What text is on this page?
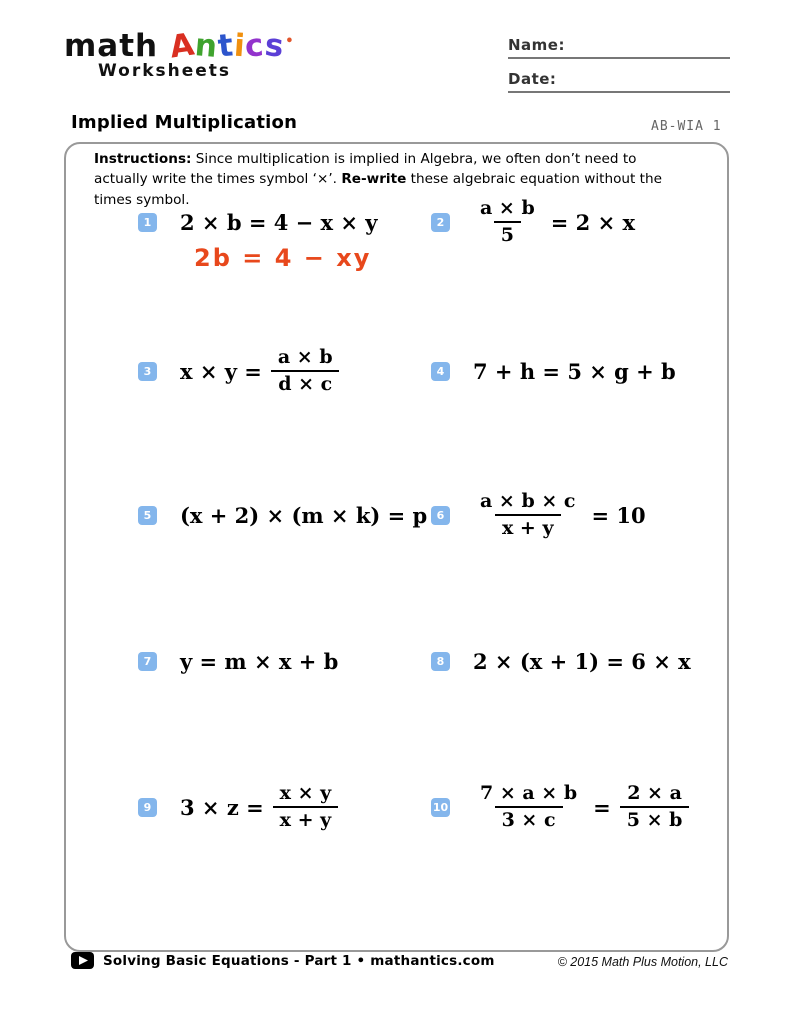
math Antics•
Worksheets
Name:
Date:
Implied Multiplication	AB-WIA 1
Instructions: Since multiplication is implied in Algebra, we often don’t need to actually write the times symbol ‘×’. Re-write these algebraic equation without the times symbol.
1 2 × b = 4 − x × y
2b = 4 − xy
$2 \frac{a \times b}{5} = 2 \times x$
3 $x \times y = \frac{a \times b}{d \times c}$	4 7 + h = 5 × g + b
5 (x + 2) × (m × k) = p $6 \frac{a \times b \times c}{x + y} = 10$
7 y = m × x + b	8 2 × (x + 1) = 6 × x
9 $3 \times z = \frac{x \times y}{x + y}$	$10 \frac{7 \times a \times b}{3 \times c} = \frac{2 \times a}{5 \times b}$
Solving Basic Equations - Part 1 • mathantics.com	© 2015 Math Plus Motion, LLC
